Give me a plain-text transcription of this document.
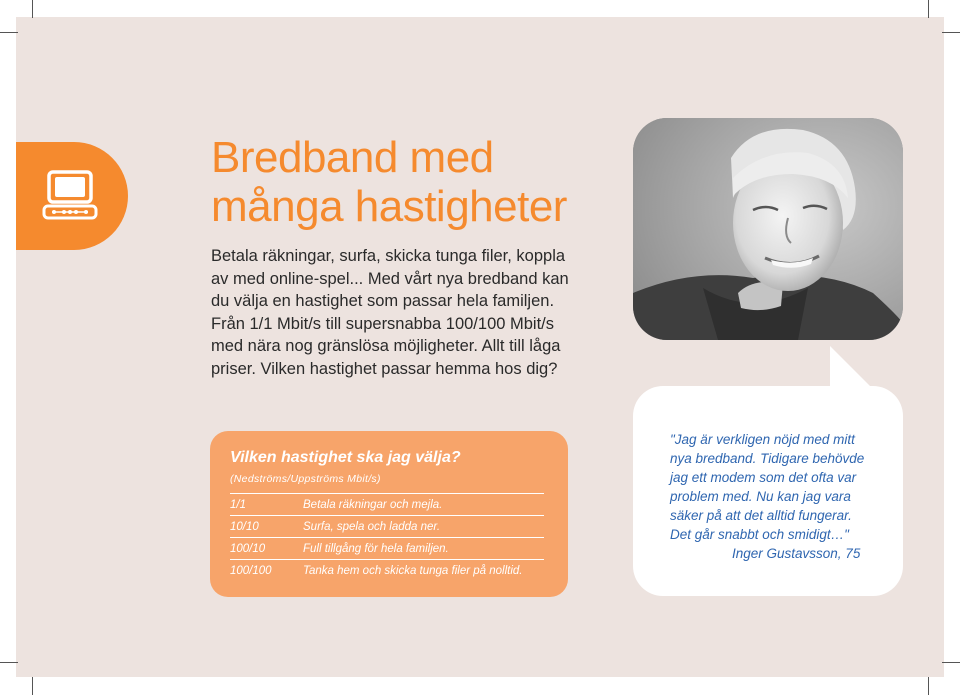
Bredband med
många hastigheter

Betala räkningar, surfa, skicka tunga filer, koppla
av med online-spel... Med vårt nya bredband kan
du välja en hastighet som passar hela familjen.
Från 1/1 Mbit/s till supersnabba 100/100 Mbit/s
med nära nog gränslösa möjligheter. Allt till låga
priser. Vilken hastighet passar hemma hos dig?

Vilken hastighet ska jag välja?
(Nedströms/Uppströms Mbit/s)
1/1	Betala räkningar och mejla.
10/10	Surfa, spela och ladda ner.
100/10	Full tillgång för hela familjen.
100/100	Tanka hem och skicka tunga filer på nolltid.

"Jag är verkligen nöjd med mitt
nya bredband. Tidigare behövde
jag ett modem som det ofta var
problem med. Nu kan jag vara
säker på att det alltid fungerar.
Det går snabbt och smidigt…"
Inger Gustavsson, 75
